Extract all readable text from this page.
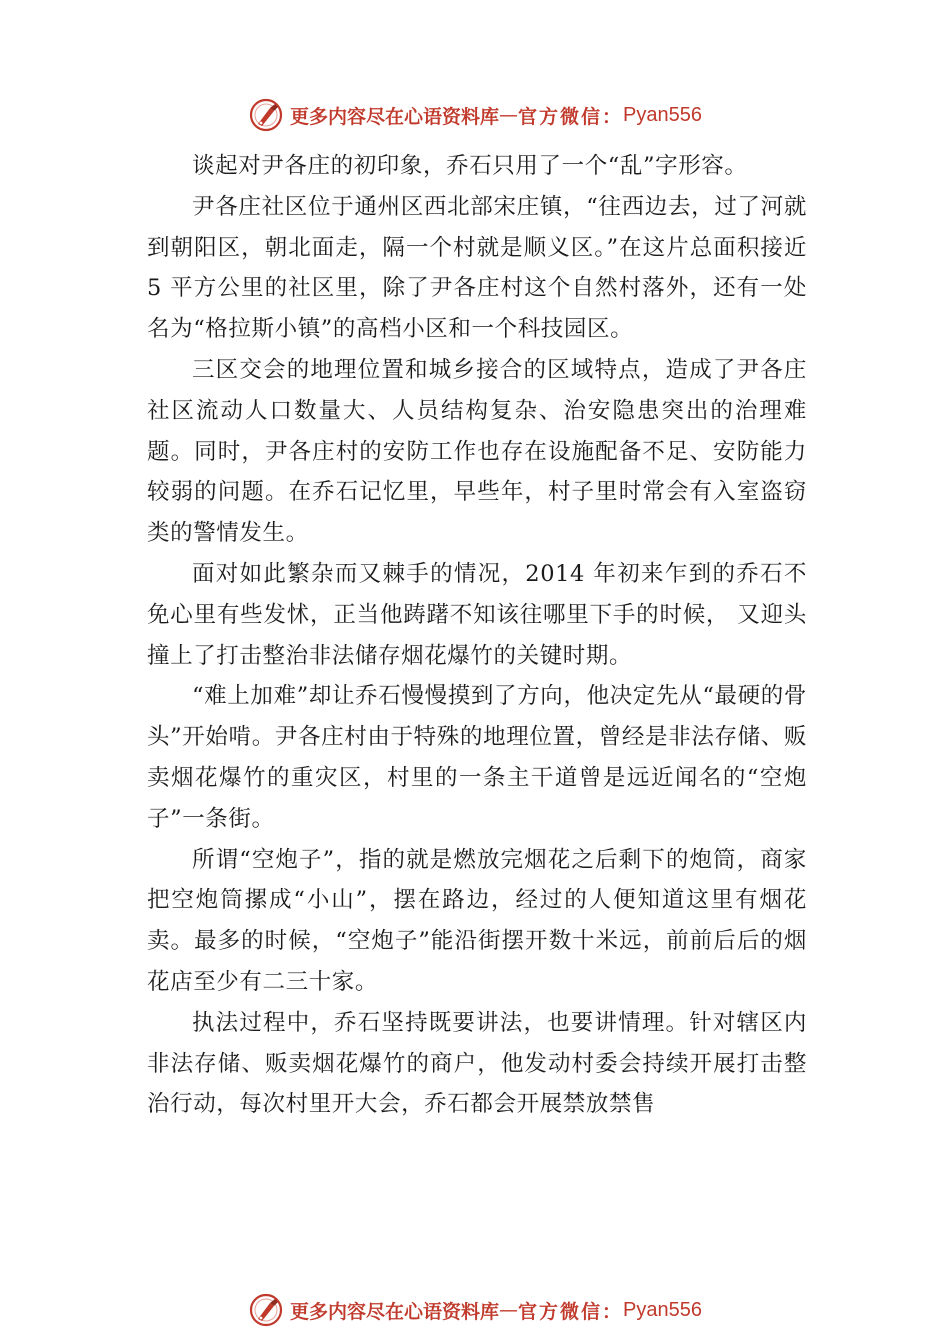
更多内容尽在心语资料库 — 官方微信： Pyan556

谈起对尹各庄的初印象，乔石只用了一个“乱”字形容。

尹各庄社区位于通州区西北部宋庄镇，“往西边去，过了河就到朝阳区，朝北面走，隔一个村就是顺义区。”在这片总面积接近 5 平方公里的社区里，除了尹各庄村这个自然村落外，还有一处名为“格拉斯小镇”的高档小区和一个科技园区。

三区交会的地理位置和城乡接合的区域特点，造成了尹各庄社区流动人口数量大、人员结构复杂、治安隐患突出的治理难题。同时，尹各庄村的安防工作也存在设施配备不足、安防能力较弱的问题。在乔石记忆里，早些年，村子里时常会有入室盗窃类的警情发生。

面对如此繁杂而又棘手的情况，2014 年初来乍到的乔石不免心里有些发怵，正当他踌躇不知该往哪里下手的时候， 又迎头撞上了打击整治非法储存烟花爆竹的关键时期。

“难上加难”却让乔石慢慢摸到了方向，他决定先从“最硬的骨头”开始啃。尹各庄村由于特殊的地理位置，曾经是非法存储、贩卖烟花爆竹的重灾区，村里的一条主干道曾是远近闻名的“空炮子”一条街。

所谓“空炮子”，指的就是燃放完烟花之后剩下的炮筒，商家把空炮筒摞成“小山”，摆在路边，经过的人便知道这里有烟花卖。最多的时候，“空炮子”能沿街摆开数十米远，前前后后的烟花店至少有二三十家。

执法过程中，乔石坚持既要讲法，也要讲情理。针对辖区内非法存储、贩卖烟花爆竹的商户，他发动村委会持续开展打击整治行动，每次村里开大会，乔石都会开展禁放禁售

更多内容尽在心语资料库 — 官方微信： Pyan556
